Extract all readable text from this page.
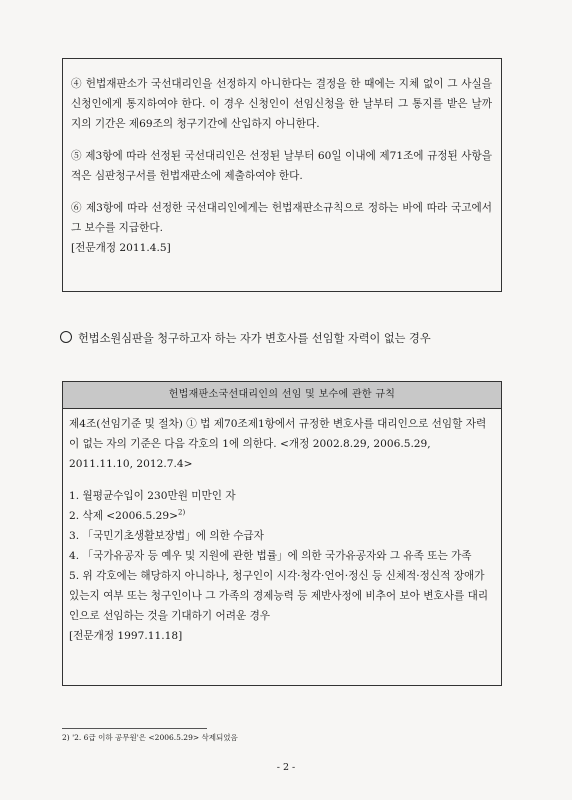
④ 헌법재판소가 국선대리인을 선정하지 아니한다는 결정을 한 때에는 지체 없이 그 사실을 신청인에게 통지하여야 한다. 이 경우 신청인이 선임신청을 한 날부터 그 통지를 받은 날까지의 기간은 제69조의 청구기간에 산입하지 아니한다.

⑤ 제3항에 따라 선정된 국선대리인은 선정된 날부터 60일 이내에 제71조에 규정된 사항을 적은 심판청구서를 헌법재판소에 제출하여야 한다.

⑥ 제3항에 따라 선정한 국선대리인에게는 헌법재판소규칙으로 정하는 바에 따라 국고에서 그 보수를 지급한다.

[전문개정 2011.4.5]

헌법소원심판을 청구하고자 하는 자가 변호사를 선임할 자력이 없는 경우
헌법재판소국선대리인의 선임 및 보수에 관한 규칙

제4조(선임기준 및 절차) ① 법 제70조제1항에서 규정한 변호사를 대리인으로 선임할 자력이 없는 자의 기준은 다음 각호의 1에 의한다. <개정 2002.8.29, 2006.5.29, 2011.11.10, 2012.7.4>

1. 월평균수입이 230만원 미만인 자

2. 삭제 <2006.5.29>$^{2)}$

3. 「국민기초생활보장법」에 의한 수급자

4. 「국가유공자 등 예우 및 지원에 관한 법률」에 의한 국가유공자와 그 유족 또는 가족

5. 위 각호에는 해당하지 아니하나, 청구인이 시각·청각·언어·정신 등 신체적·정신적 장애가 있는지 여부 또는 청구인이나 그 가족의 경제능력 등 제반사정에 비추어 보아 변호사를 대리인으로 선임하는 것을 기대하기 어려운 경우

[전문개정 1997.11.18]

2) '2. 6급 이하 공무원'은 <2006.5.29> 삭제되었음
- 2 -
